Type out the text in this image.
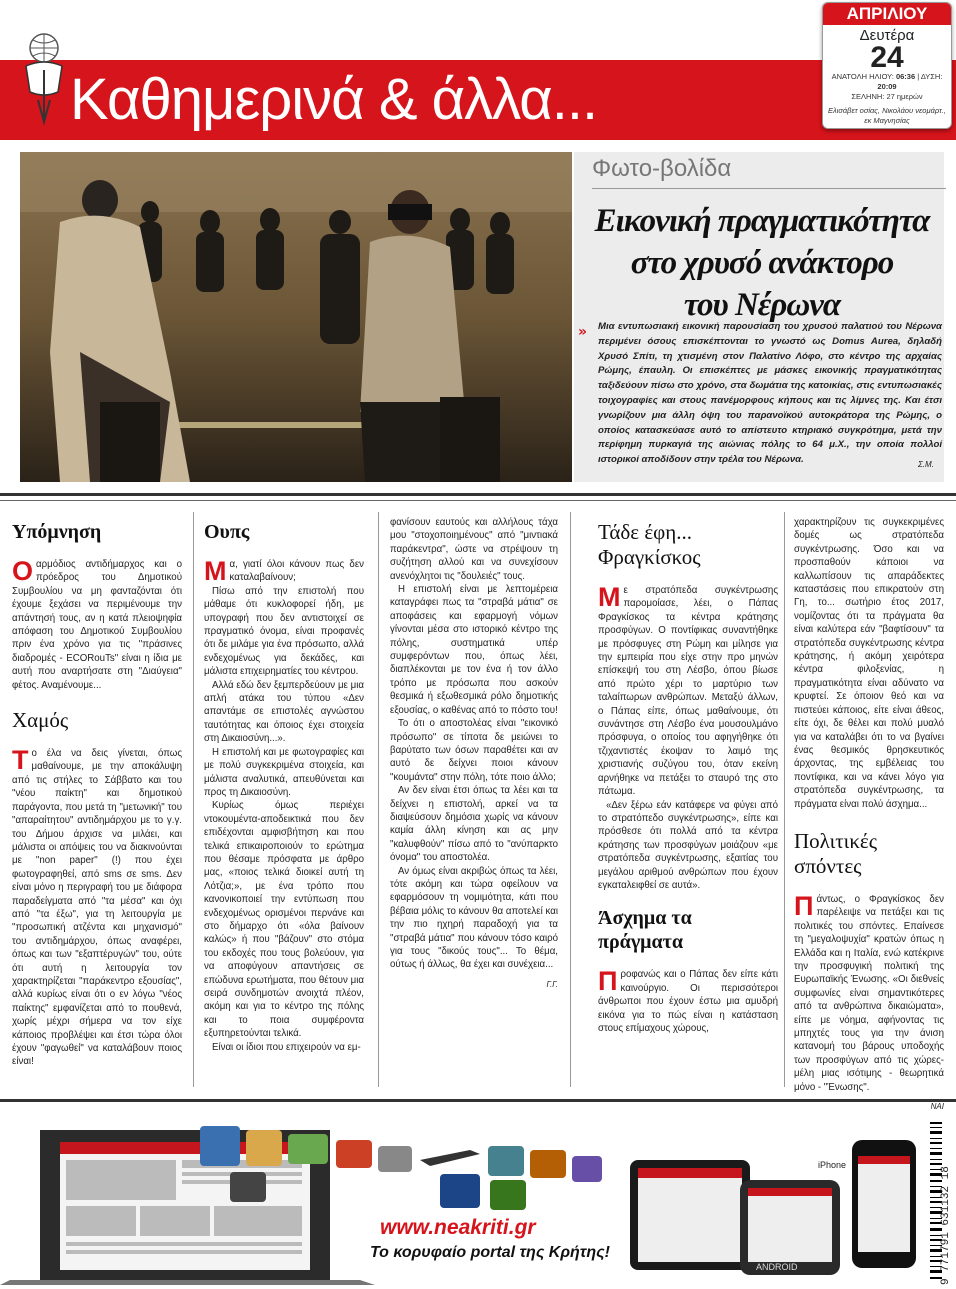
Καθημερινά & άλλα...
ΑΠΡΙΛΙΟΥ
Δευτέρα
24
ΑΝΑΤΟΛΗ ΗΛΙΟΥ: 06:36 | ΔΥΣΗ: 20:09
ΣΕΛΗΝΗ: 27 ημερών
Ελισάβετ οσίας, Νικολάου νεομάρτ., εκ Μαγνησίας
Φωτο-βολίδα
Εικονική πραγματικότητα
στο χρυσό ανάκτορο
του Νέρωνα
» Μια εντυπωσιακή εικονική παρουσίαση του χρυσού παλατιού του Νέρωνα περιμένει όσους επισκέπτονται το γνωστό ως Domus Aurea, δηλαδή Χρυσό Σπίτι, τη χτισμένη στον Παλατίνο Λόφο, στο κέντρο της αρχαίας Ρώμης, έπαυλη. Οι επισκέπτες με μάσκες εικονικής πραγματικότητας ταξιδεύουν πίσω στο χρόνο, στα δωμάτια της κατοικίας, στις εντυπωσιακές τοιχογραφίες και στους πανέμορφους κήπους και τις λίμνες της. Και έτσι γνωρίζουν μια άλλη όψη του παρανοϊκού αυτοκράτορα της Ρώμης, ο οποίος κατασκεύασε αυτό το απίστευτο κτηριακό συγκρότημα, μετά την περίφημη πυρκαγιά της αιώνιας πόλης το 64 μ.Χ., την οποία πολλοί ιστορικοί αποδίδουν στην τρέλα του Νέρωνα.	Σ.Μ.
Υπόμνηση

Οαρμόδιος αντιδήμαρχος και ο πρόεδρος του Δημοτικού Συμβουλίου να μη φανταζόνται ότι έχουμε ξεχάσει να περιμένουμε την απάντησή τους, αν η κατά πλειοψηφία απόφαση του Δημοτικού Συμβουλίου πριν ένα χρόνο για τις "πράσινες διαδρομές - ECORouTs" είναι η ίδια με αυτή που αναρτήσατε στη "Διαύγεια" φέτος. Αναμένουμε...

Χαμός

Το έλα να δεις γίνεται, όπως μαθαίνουμε, με την αποκάλυψη από τις στήλες το Σάββατο και του "νέου παίκτη" και δημοτικού παράγοντα, που μετά τη "μετωνική" του "απαραίτητου" αντιδημάρχου με το γ.γ. του Δήμου άρχισε να μιλάει, και μάλιστα οι απόψεις του να διακινούνται με "non paper" (!) που έχει φωτογραφηθεί, από sms σε sms. Δεν είναι μόνο η περιγραφή του με διάφορα παραδείγματα από "τα μέσα" και όχι από "τα έξω", για τη λειτουργία με "προσωπική ατζέντα και μηχανισμό" του αντιδημάρχου, όπως αναφέρει, όπως και των "εξαπτέρυγών" του, ούτε ότι αυτή η λειτουργία τον χαρακτηρίζεται "παράκεντρο εξουσίας", αλλά κυρίως είναι ότι ο εν λόγω "νέος παίκτης" εμφανίζεται από το πουθενά, χωρίς μέχρι σήμερα να τον είχε κάποιος προβλέψει και έτσι τώρα όλοι έχουν "φαγωθεί" να καταλάβουν ποιος είναι!

Ουπς

Μα, γιατί όλοι κάνουν πως δεν καταλαβαίνουν;

Πίσω από την επιστολή που μάθαμε ότι κυκλοφορεί ήδη, με υπογραφή που δεν αντιστοιχεί σε πραγματικό όνομα, είναι προφανές ότι δε μιλάμε για ένα πρόσωπο, αλλά ενδεχομένως για δεκάδες, και μάλιστα επιχειρηματίες του κέντρου.

Αλλά εδώ δεν ξεμπερδεύουν με μια απλή ατάκα του τύπου «Δεν απαντάμε σε επιστολές αγνώστου ταυτότητας και όποιος έχει στοιχεία στη Δικαιοσύνη...».

Η επιστολή και με φωτογραφίες και με πολύ συγκεκριμένα στοιχεία, και μάλιστα αναλυτικά, απευθύνεται και προς τη Δικαιοσύνη.

Κυρίως όμως περιέχει ντοκουμέντα-αποδεικτικά που δεν επιδέχονται αμφισβήτηση και που τελικά επικαιροποιούν το ερώτημα που θέσαμε πρόσφατα με άρθρο μας, «ποιος τελικά διοικεί αυτή τη Λότζια;», με ένα τρόπο που κανονικοποιεί την εντύπωση που ενδεχομένως ορισμένοι περνάνε και στο δήμαρχο ότι «όλα βαίνουν καλώς» ή που "βάζουν" στο στόμα του εκδοχές που τους βολεύουν, για να αποφύγουν απαντήσεις σε επώδυνα ερωτήματα, που θέτουν μια σειρά συνδημοτών ανοιχτά πλέον, ακόμη και για το κέντρο της πόλης και το ποια συμφέροντα εξυπηρετούνται τελικά.

Είναι οι ίδιοι που επιχειρούν να εμ-

φανίσουν εαυτούς και αλλήλους τάχα μου "στοχοποιημένους" από "μιντιακά παράκεντρα", ώστε να στρέψουν τη συζήτηση αλλού και να συνεχίσουν ανενόχλητοι τις "δουλειές" τους.

Η επιστολή είναι με λεπτομέρεια καταγράφει πως τα "στραβά μάτια" σε αποφάσεις και εφαρμογή νόμων γίνονται μέσα στο ιστορικό κέντρο της πόλης, συστηματικά υπέρ συμφερόντων που, όπως λέει, διαπλέκονται με τον ένα ή τον άλλο τρόπο με πρόσωπα που ασκούν θεσμικά ή εξωθεσμικά ρόλο δημοτικής εξουσίας, ο καθένας από το πόστο του!

Το ότι ο αποστολέας είναι "εικονικό πρόσωπο" σε τίποτα δε μειώνει το βαρύτατο των όσων παραθέτει και αν αυτό δε δείχνει ποιοι κάνουν "κουμάντα" στην πόλη, τότε ποιο άλλο;

Αν δεν είναι έτσι όπως τα λέει και τα δείχνει η επιστολή, αρκεί να τα διαψεύσουν δημόσια χωρίς να κάνουν καμία άλλη κίνηση και ας μην "καλυφθούν" πίσω από το "ανύπαρκτο όνομα" του αποστολέα.

Αν όμως είναι ακριβώς όπως τα λέει, τότε ακόμη και τώρα οφείλουν να εφαρμόσουν τη νομιμότητα, κάτι που βέβαια μόλις το κάνουν θα αποτελεί και την πιο ηχηρή παραδοχή για τα "στραβά μάτια" που κάνουν τόσο καιρό για τους "δικούς τους"... Το θέμα, ούτως ή άλλως, θα έχει και συνέχεια...

Γ.Γ.
Τάδε έφη...
Φραγκίσκος

Με στρατόπεδα συγκέντρωσης παρομοίασε, λέει, ο Πάπας Φραγκίσκος τα κέντρα κράτησης προσφύγων. Ο ποντίφικας συναντήθηκε με πρόσφυγες στη Ρώμη και μίλησε για την εμπειρία που είχε στην προ μηνών επίσκεψή του στη Λέσβο, όπου βίωσε από πρώτο χέρι το μαρτύριο των ταλαίπωρων ανθρώπων. Μεταξύ άλλων, ο Πάπας είπε, όπως μαθαίνουμε, ότι συνάντησε στη Λέσβο ένα μουσουλμάνο πρόσφυγα, ο οποίος του αφηγήθηκε ότι τζιχαντιστές έκοψαν το λαιμό της χριστιανής συζύγου του, όταν εκείνη αρνήθηκε να πετάξει το σταυρό της στο πάτωμα.

«Δεν ξέρω εάν κατάφερε να φύγει από το στρατόπεδο συγκέντρωσης», είπε και πρόσθεσε ότι πολλά από τα κέντρα κράτησης των προσφύγων μοιάζουν «με στρατόπεδα συγκέντρωσης, εξαιτίας του μεγάλου αριθμού ανθρώπων που έχουν εγκαταλειφθεί σε αυτά».

Άσχημα τα
πράγματα

Προφανώς και ο Πάπας δεν είπε κάτι καινούργιο. Οι περισσότεροι άνθρωποι που έχουν έστω μια αμυδρή εικόνα για το πώς είναι η κατάσταση στους επίμαχους χώρους,

χαρακτηρίζουν τις συγκεκριμένες δομές ως στρατόπεδα συγκέντρωσης. Όσο και να προσπαθούν κάποιοι να καλλωπίσουν τις απαράδεκτες καταστάσεις που επικρατούν στη Γη, το... σωτήριο έτος 2017, νομίζοντας ότι τα πράγματα θα είναι καλύτερα εάν "βαφτίσουν" τα στρατόπεδα συγκέντρωσης κέντρα κράτησης, ή ακόμη χειρότερα κέντρα φιλοξενίας, η πραγματικότητα είναι αδύνατο να κρυφτεί. Σε όποιον θεό και να πιστεύει κάποιος, είτε είναι άθεος, είτε όχι, δε θέλει και πολύ μυαλό για να καταλάβει ότι το να βγαίνει ένας θεσμικός θρησκευτικός άρχοντας, της εμβέλειας του ποντίφικα, και να κάνει λόγο για στρατόπεδα συγκέντρωσης, τα πράγματα είναι πολύ άσχημα...

Πολιτικές
σπόντες

Πάντως, ο Φραγκίσκος δεν παρέλειψε να πετάξει και τις πολιτικές του σπόντες. Επαίνεσε τη "μεγαλοψυχία" κρατών όπως η Ελλάδα και η Ιταλία, ενώ κατέκρινε την προσφυγική πολιτική της Ευρωπαϊκής Ένωσης. «Οι διεθνείς συμφωνίες είναι σημαντικότερες από τα ανθρώπινα δικαιώματα», είπε με νόημα, αφήνοντας τις μπηχτές τους για την άνιση κατανομή του βάρους υποδοχής των προσφύγων από τις χώρες-μέλη μιας ισότιμης - θεωρητικά μόνο - "Ένωσης".

ΝΑΙ
iPhone
ANDROID
www.neakriti.gr
Το κορυφαίο portal της Κρήτης!	9 771791 631132 18
